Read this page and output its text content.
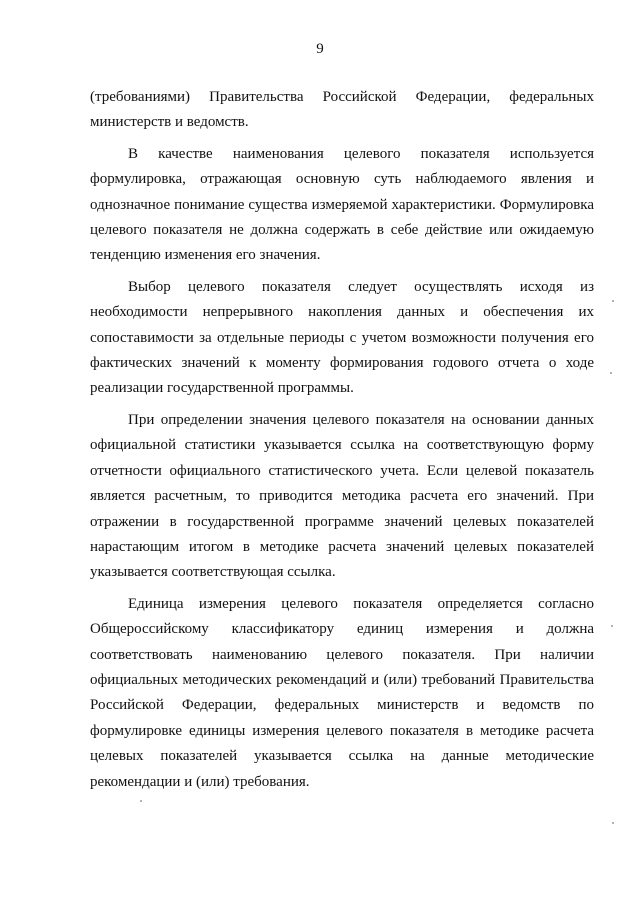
9

(требованиями) Правительства Российской Федерации, федеральных министерств и ведомств.

В качестве наименования целевого показателя используется формулировка, отражающая основную суть наблюдаемого явления и однозначное понимание существа измеряемой характеристики. Формулировка целевого показателя не должна содержать в себе действие или ожидаемую тенденцию изменения его значения.

Выбор целевого показателя следует осуществлять исходя из необходимости непрерывного накопления данных и обеспечения их сопоставимости за отдельные периоды с учетом возможности получения его фактических значений к моменту формирования годового отчета о ходе реализации государственной программы.

При определении значения целевого показателя на основании данных официальной статистики указывается ссылка на соответствующую форму отчетности официального статистического учета. Если целевой показатель является расчетным, то приводится методика расчета его значений. При отражении в государственной программе значений целевых показателей нарастающим итогом в методике расчета значений целевых показателей указывается соответствующая ссылка.

Единица измерения целевого показателя определяется согласно Общероссийскому классификатору единиц измерения и должна соответствовать наименованию целевого показателя. При наличии официальных методических рекомендаций и (или) требований Правительства Российской Федерации, федеральных министерств и ведомств по формулировке единицы измерения целевого показателя в методике расчета целевых показателей указывается ссылка на данные методические рекомендации и (или) требования.
